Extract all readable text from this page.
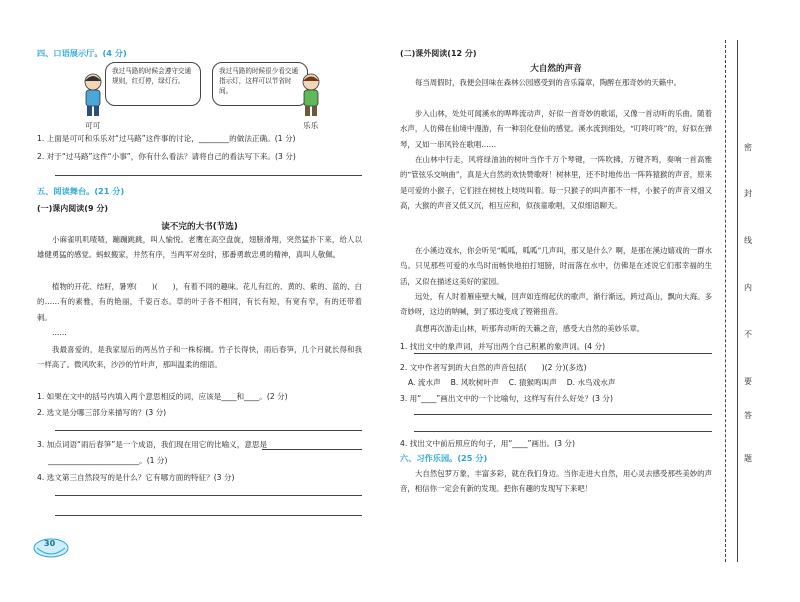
四、口语展示厅。(4 分)
我过马路的时候会遵守交通规则，红灯停，绿灯行。
我过马路的时候很少看交通指示灯，这样可以节省时间。
可可	乐乐
1. 上面是可可和乐乐对“过马路”这件事的讨论，________的做法正确。(1 分)
2. 对于“过马路”这件“小事”，你有什么看法？请将自己的看法写下来。(3 分)
五、阅读舞台。(21 分)
(一)课内阅读(9 分)
读不完的大书(节选)
小麻雀叽叽喳喳，蹦蹦跳跳，叫人愉悦。老鹰在高空盘旋，翅膀滑翔，突然猛扑下来，给人以雄健勇猛的感觉。蚂蚁搬家，井然有序，当两军对垒时，那番勇敢忠勇的精神，真叫人敬佩。
植物的开花、结籽，暑寒(　　)(　　)，有着不同的趣味。花儿有红的、黄的、紫的、蓝的、白的……有的素雅，有的艳丽，千姿百态。草的叶子各不相同，有长有短，有宽有窄，有的还带着刺。
……
我最喜爱的，是我家屋后的两丛竹子和一株棕榈。竹子长得快，雨后春笋，几个月就长得和我一样高了。微风吹来，沙沙的竹叶声，那叫温柔的细语。
1. 如果在文中的括号内填入两个意思相反的词，应该是____和____。(2 分)
2. 选文是分哪三部分来描写的？(3 分)
3. 加点词语“雨后春笋”是一个成语，我们现在用它的比喻义，意思是
________________________。(1 分)
4. 选文第三自然段写的是什么？它有哪方面的特征？(3 分)
30
(二)课外阅读(12 分)
大自然的声音
每当周假时，我便会回味在森林公园感受到的音乐篇章，陶醉在那奇妙的天籁中。
步入山林，处处可闻溪水的哗哗流动声，好似一首奇妙的歌谣，又像一首动听的乐曲。随着水声，人仿佛在仙境中漫游，有一种羽化登仙的感觉。溪水流到细处，“叮咚叮咚”的，好似在弹琴，又如一串风铃在歌唱……
在山林中行走，风将绿油油的树叶当作千万个琴键，一阵吹拂，万键齐鸣，奏响一首高雅的“管弦乐交响曲”，真是大自然的欢快赞歌呀！树林里，还不时地传出一阵阵猿猴的声音，原来是可爱的小猴子，它们挂在树枝上吱吱叫着。每一只猴子的叫声都不一样，小猴子的声音又细又高，大猴的声音又低又沉，相互应和，似孩童歌唱，又似细语聊天。
在小溪边戏水，你会听见“呱呱，呱呱”几声叫，那又是什么？啊，是那在溪边嬉戏的一群水鸟。只见那些可爱的水鸟时而畅快地拍打翅膀，时而落在水中，仿佛是在述说它们那幸福的生活，又似在描述这美好的家园。
远处，有人时着雁座壁大喊，回声如连绵起伏的歌声，渐行渐远，跨过高山，飘向大海。多奇妙呀，这边的呐喊，到了那边变成了铿锵扭音。
真想再次游走山林，听那奔动听的天籁之音，感受大自然的美妙乐章。
1. 找出文中的象声词，并写出两个自己积累的象声词。(4 分)
2. 文中作者写到的大自然的声音包括(　　)(2 分)(多选)
A. 流水声　 B. 风吹树叶声　 C. 猿猴鸣叫声　 D. 水鸟戏水声
3. 用“____”画出文中的一个比喻句，这样写有什么好处？(3 分)
4. 找出文中前后照应的句子，用“____”画出。(3 分)
六、习作乐园。(25 分)
大自然包罗万象，丰富多彩，就在我们身边。当你走进大自然，用心灵去感受那些美妙的声音，相信你一定会有新的发现。把你有趣的发现写下来吧！
密
封
线
内
不
要
答
题
